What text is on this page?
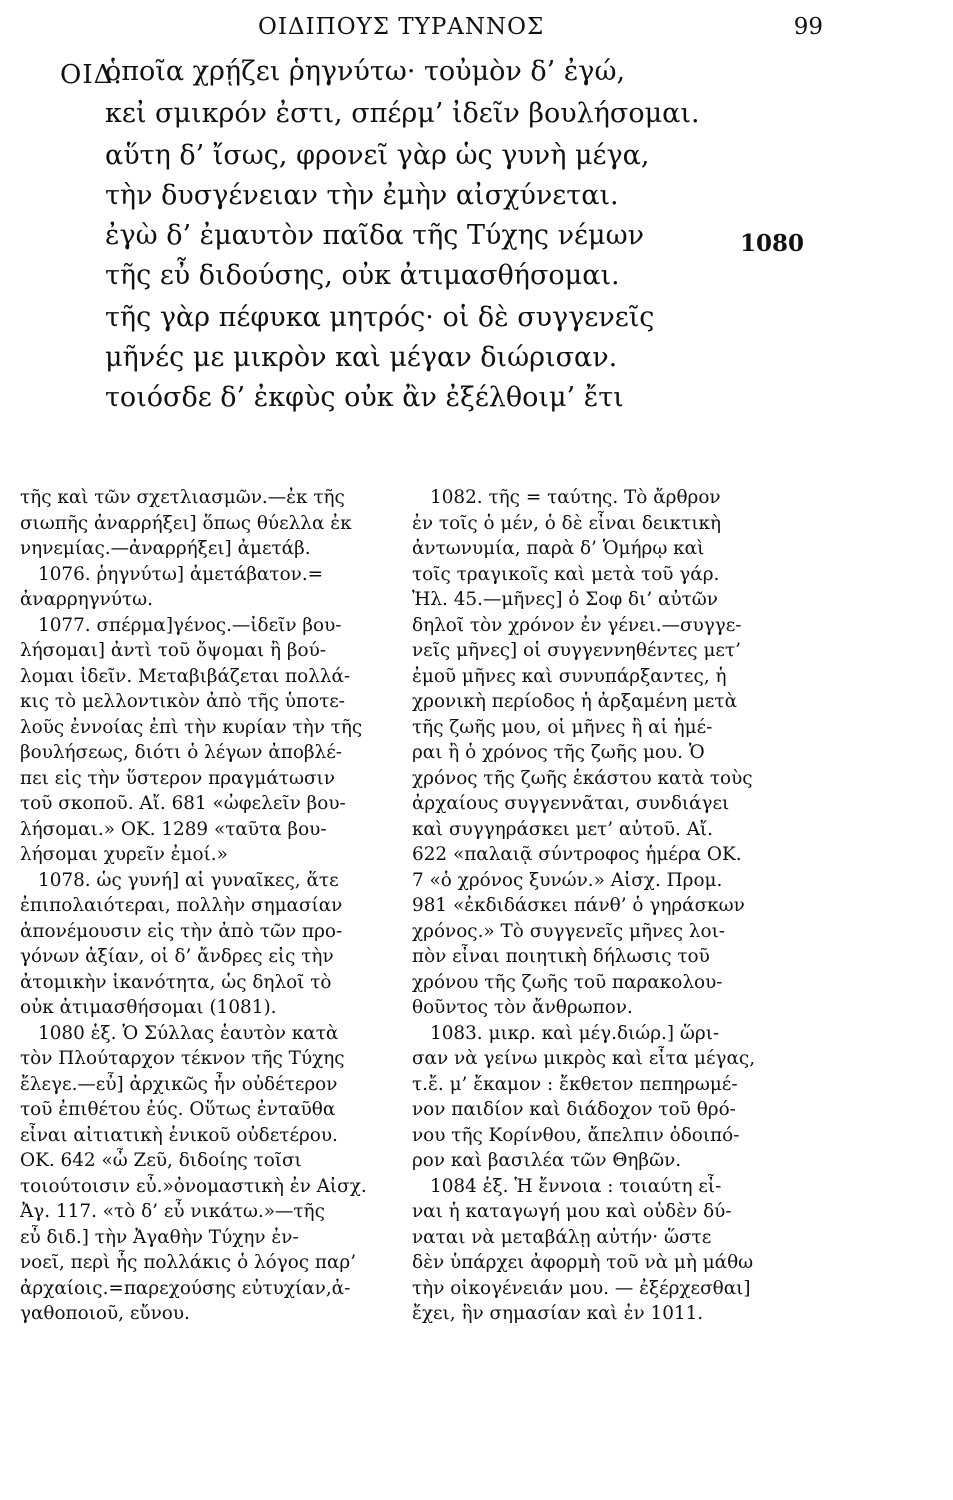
ΟΙΔΙΠΟΥΣ ΤΥΡΑΝΝΟΣ	99
ΟΙΔ.
ὁποῖα χρῄζει ῥηγνύτω· τοὐμὸν δ’ ἐγώ,
κεἰ σμικρόν ἐστι, σπέρμ’ ἰδεῖν βουλήσομαι.
αὕτη δ’ ἴσως, φρονεῖ γὰρ ὡς γυνὴ μέγα,
τὴν δυσγένειαν τὴν ἐμὴν αἰσχύνεται.
ἐγὼ δ’ ἐμαυτὸν παῖδα τῆς Τύχης νέμων
τῆς εὖ διδούσης, οὐκ ἀτιμασθήσομαι.
τῆς γὰρ πέφυκα μητρός· οἱ δὲ συγγενεῖς
μῆνές με μικρὸν καὶ μέγαν διώρισαν.
τοιόσδε δ’ ἐκφὺς οὐκ ἂν ἐξέλθοιμ’ ἔτι
1080
τῆς καὶ τῶν σχετλιασμῶν.—ἐκ τῆς
σιωπῆς ἀναρρήξει] ὅπως θύελλα ἐκ
νηνεμίας.—ἀναρρήξει] ἀμετάβ.
1076. ῥηγνύτω] ἀμετάβατον.=
ἀναρρηγνύτω.
1077. σπέρμα]γένος.—ἰδεῖν βου-
λήσομαι] ἀντὶ τοῦ ὄψομαι ἢ βού-
λομαι ἰδεῖν. Μεταβιβάζεται πολλά-
κις τὸ μελλοντικὸν ἀπὸ τῆς ὑποτε-
λοῦς ἐννοίας ἐπὶ τὴν κυρίαν τὴν τῆς
βουλήσεως, διότι ὁ λέγων ἀποβλέ-
πει εἰς τὴν ὕστερον πραγμάτωσιν
τοῦ σκοποῦ. Αἴ. 681 «ὠφελεῖν βου-
λήσομαι.» ΟΚ. 1289 «ταῦτα βου-
λήσομαι χυρεῖν ἐμοί.»
1078. ὡς γυνή] αἱ γυναῖκες, ἅτε
ἐπιπολαιότεραι, πολλὴν σημασίαν
ἀπονέμουσιν εἰς τὴν ἀπὸ τῶν προ-
γόνων ἀξίαν, οἱ δ’ ἄνδρες εἰς τὴν
ἀτομικὴν ἱκανότητα, ὡς δηλοῖ τὸ
οὐκ ἀτιμασθήσομαι (1081).
1080 ἑξ. Ὁ Σύλλας ἑαυτὸν κατὰ
τὸν Πλούταρχον τέκνον τῆς Τύχης
ἔλεγε.—εὖ] ἀρχικῶς ἦν οὐδέτερον
τοῦ ἐπιθέτου ἐύς. Οὕτως ἐνταῦθα
εἶναι αἰτιατικὴ ἑνικοῦ οὐδετέρου.
ΟΚ. 642 «ὦ Ζεῦ, διδοίης τοῖσι
τοιούτοισιν εὖ.»ὀνομαστικὴ ἐν Αἰσχ.
Ἀγ. 117. «τὸ δ’ εὖ νικάτω.»—τῆς
εὖ διδ.] τὴν Ἀγαθὴν Τύχην ἐν-
νοεῖ, περὶ ἧς πολλάκις ὁ λόγος παρ’
ἀρχαίοις.=παρεχούσης εὐτυχίαν,ἀ-
γαθοποιοῦ, εὔνου.
1082. τῆς = ταύτης. Τὸ ἄρθρον
ἐν τοῖς ὁ μέν, ὁ δὲ εἶναι δεικτικὴ
ἀντωνυμία, παρὰ δ’ Ὁμήρῳ καὶ
τοῖς τραγικοῖς καὶ μετὰ τοῦ γάρ.
Ἠλ. 45.—μῆνες] ὁ Σοφ δι’ αὐτῶν
δηλοῖ τὸν χρόνον ἐν γένει.—συγγε-
νεῖς μῆνες] οἱ συγγεννηθέντες μετ’
ἐμοῦ μῆνες καὶ συνυπάρξαντες, ἡ
χρονικὴ περίοδος ἡ ἀρξαμένη μετὰ
τῆς ζωῆς μου, οἱ μῆνες ἢ αἱ ἡμέ-
ραι ἢ ὁ χρόνος τῆς ζωῆς μου. Ὁ
χρόνος τῆς ζωῆς ἑκάστου κατὰ τοὺς
ἀρχαίους συγγεννᾶται, συνδιάγει
καὶ συγγηράσκει μετ’ αὐτοῦ. Αἴ.
622 «παλαιᾷ σύντροφος ἡμέρα ΟΚ.
7 «ὁ χρόνος ξυνών.» Αἰσχ. Προμ.
981 «ἐκδιδάσκει πάνθ’ ὁ γηράσκων
χρόνος.» Τὸ συγγενεῖς μῆνες λοι-
πὸν εἶναι ποιητικὴ δήλωσις τοῦ
χρόνου τῆς ζωῆς τοῦ παρακολου-
θοῦντος τὸν ἄνθρωπον.
1083. μικρ. καὶ μέγ.διώρ.] ὥρι-
σαν νὰ γείνω μικρὸς καὶ εἶτα μέγας,
τ.ἔ. μ’ ἔκαμον : ἔκθετον πεπηρωμέ-
νον παιδίον καὶ διάδοχον τοῦ θρό-
νου τῆς Κορίνθου, ἄπελπιν ὁδοιπό-
ρον καὶ βασιλέα τῶν Θηβῶν.
1084 ἑξ. Ἡ ἔννοια : τοιαύτη εἶ-
ναι ἡ καταγωγή μου καὶ οὐδὲν δύ-
ναται νὰ μεταβάλῃ αὐτήν· ὥστε
δὲν ὑπάρχει ἀφορμὴ τοῦ νὰ μὴ μάθω
τὴν οἰκογένειάν μου. — ἐξέρχεσθαι]
ἔχει, ἣν σημασίαν καὶ ἐν 1011.
